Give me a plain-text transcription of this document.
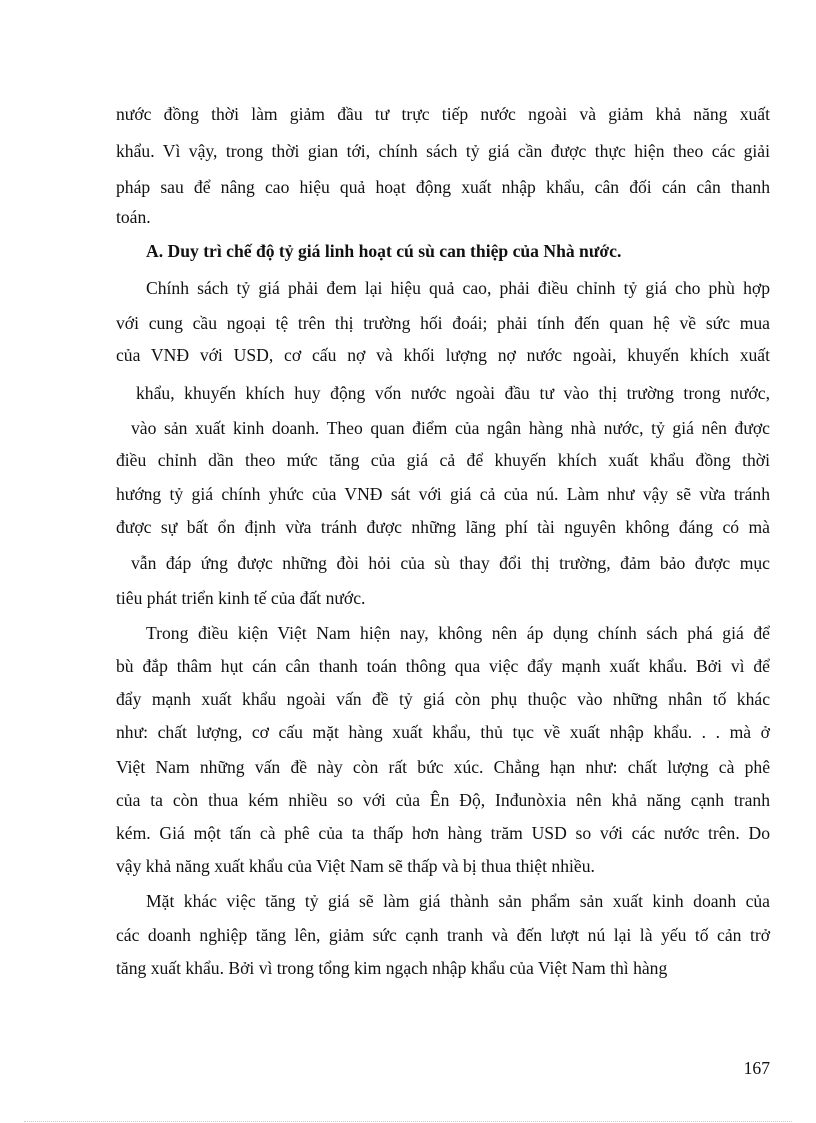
nước đồng thời làm giảm đầu tư trực tiếp nước ngoài và giảm khả năng xuất
khẩu. Vì vậy, trong thời gian tới, chính sách tỷ giá cần được thực hiện theo các giải
pháp sau để nâng cao hiệu quả hoạt động xuất nhập khẩu, cân đối cán cân thanh
toán.
A. Duy trì chế độ tỷ giá linh hoạt cú sù can thiệp của Nhà nước.
Chính sách tỷ giá phải đem lại hiệu quả cao, phải điều chỉnh tỷ giá cho phù hợp
với cung cầu ngoại tệ trên thị trường hối đoái; phải tính đến quan hệ về sức mua
của VNĐ với USD, cơ cấu nợ và khối lượng nợ nước ngoài, khuyến khích xuất
khẩu, khuyến khích huy động vốn nước ngoài đầu tư vào thị trường trong nước,
vào sản xuất kinh doanh. Theo quan điểm của ngân hàng nhà nước, tỷ giá nên được
điều chỉnh dần theo mức tăng của giá cả để khuyến khích xuất khẩu đồng thời
hướng tỷ giá chính yhức của VNĐ sát với giá cả của nú. Làm như vậy sẽ vừa tránh
được sự bất ổn định vừa tránh được những lãng phí tài nguyên không đáng có mà
vẫn đáp ứng được những đòi hỏi của sù thay đổi thị trường, đảm bảo được mục
tiêu phát triển kinh tế của đất nước.
Trong điều kiện Việt Nam hiện nay, không nên áp dụng chính sách phá giá để
bù đắp thâm hụt cán cân thanh toán thông qua việc đẩy mạnh xuất khẩu. Bởi vì để
đẩy mạnh xuất khẩu ngoài vấn đề tỷ giá còn phụ thuộc vào những nhân tố khác
như: chất lượng, cơ cấu mặt hàng xuất khẩu, thủ tục về xuất nhập khẩu. . . mà ở
Việt Nam những vấn đề này còn rất bức xúc. Chẳng hạn như: chất lượng cà phê
của ta còn thua kém nhiều so với của Ên Độ, Inđunòxia nên khả năng cạnh tranh
kém. Giá một tấn cà phê của ta thấp hơn hàng trăm USD so với các nước trên. Do
vậy khả năng xuất khẩu của Việt Nam sẽ thấp và bị thua thiệt nhiều.
Mặt khác việc tăng tỷ giá sẽ làm giá thành sản phẩm sản xuất kinh doanh của
các doanh nghiệp tăng lên, giảm sức cạnh tranh và đến lượt nú lại là yếu tố cản trở
tăng xuất khẩu. Bởi vì trong tổng kim ngạch nhập khẩu của Việt Nam thì hàng
167
